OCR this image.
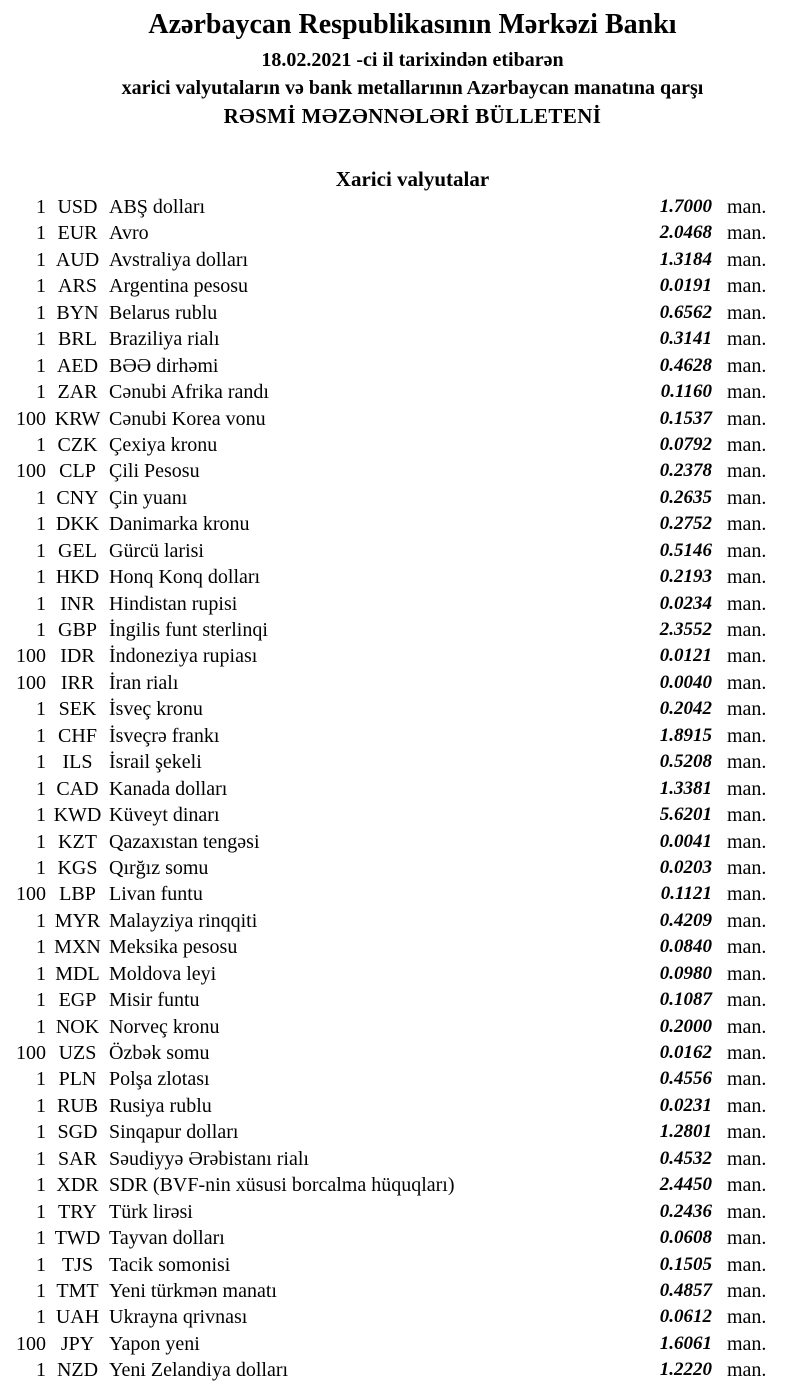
Azərbaycan Respublikasının Mərkəzi Bankı
18.02.2021 -ci il tarixindən etibarən
xarici valyutaların və bank metallarının Azərbaycan manatına qarşı
RƏSMİ MƏZƏNNƏLƏRİ BÜLLETENİ
Xarici valyutalar
1 USD ABŞ dolları	1.7000 man.
1 EUR Avro	2.0468 man.
1 AUD Avstraliya dolları	1.3184 man.
1 ARS Argentina pesosu	0.0191 man.
1 BYN Belarus rublu	0.6562 man.
1 BRL Braziliya rialı	0.3141 man.
1 AED BƏƏ dirhəmi	0.4628 man.
1 ZAR Cənubi Afrika randı	0.1160 man.
100 KRW Cənubi Korea vonu	0.1537 man.
1 CZK Çexiya kronu	0.0792 man.
100 CLP Çili Pesosu	0.2378 man.
1 CNY Çin yuanı	0.2635 man.
1 DKK Danimarka kronu	0.2752 man.
1 GEL Gürcü larisi	0.5146 man.
1 HKD Honq Konq dolları	0.2193 man.
1 INR Hindistan rupisi	0.0234 man.
1 GBP İngilis funt sterlinqi	2.3552 man.
100 IDR İndoneziya rupiası	0.0121 man.
100 IRR İran rialı	0.0040 man.
1 SEK İsveç kronu	0.2042 man.
1 CHF İsveçrə frankı	1.8915 man.
1 ILS İsrail şekeli	0.5208 man.
1 CAD Kanada dolları	1.3381 man.
1 KWD Küveyt dinarı	5.6201 man.
1 KZT Qazaxıstan tengəsi	0.0041 man.
1 KGS Qırğız somu	0.0203 man.
100 LBP Livan funtu	0.1121 man.
1 MYR Malayziya rinqqiti	0.4209 man.
1 MXN Meksika pesosu	0.0840 man.
1 MDL Moldova leyi	0.0980 man.
1 EGP Misir funtu	0.1087 man.
1 NOK Norveç kronu	0.2000 man.
100 UZS Özbək somu	0.0162 man.
1 PLN Polşa zlotası	0.4556 man.
1 RUB Rusiya rublu	0.0231 man.
1 SGD Sinqapur dolları	1.2801 man.
1 SAR Səudiyyə Ərəbistanı rialı	0.4532 man.
1 XDR SDR (BVF-nin xüsusi borcalma hüquqları)	2.4450 man.
1 TRY Türk lirəsi	0.2436 man.
1 TWD Tayvan dolları	0.0608 man.
1 TJS Tacik somonisi	0.1505 man.
1 TMT Yeni türkmən manatı	0.4857 man.
1 UAH Ukrayna qrivnası	0.0612 man.
100 JPY Yapon yeni	1.6061 man.
1 NZD Yeni Zelandiya dolları	1.2220 man.
